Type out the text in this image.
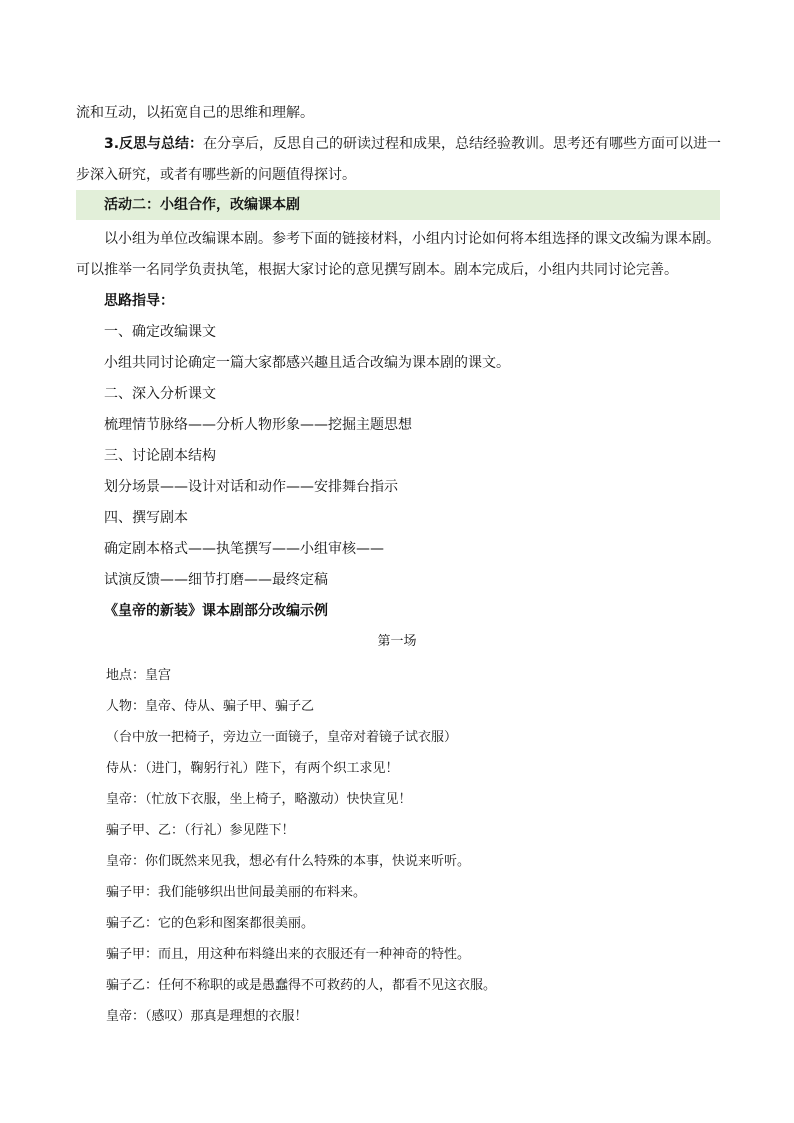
流和互动，以拓宽自己的思维和理解。
3.反思与总结：在分享后，反思自己的研读过程和成果，总结经验教训。思考还有哪些方面可以进一步深入研究，或者有哪些新的问题值得探讨。
活动二：小组合作，改编课本剧
以小组为单位改编课本剧。参考下面的链接材料，小组内讨论如何将本组选择的课文改编为课本剧。可以推举一名同学负责执笔，根据大家讨论的意见撰写剧本。剧本完成后，小组内共同讨论完善。
思路指导：
一、确定改编课文
小组共同讨论确定一篇大家都感兴趣且适合改编为课本剧的课文。
二、深入分析课文
梳理情节脉络——分析人物形象——挖掘主题思想
三、讨论剧本结构
划分场景——设计对话和动作——安排舞台指示
四、撰写剧本
确定剧本格式——执笔撰写——小组审核——
试演反馈——细节打磨——最终定稿
《皇帝的新装》课本剧部分改编示例
第一场
地点：皇宫
人物：皇帝、侍从、骗子甲、骗子乙
（台中放一把椅子，旁边立一面镜子，皇帝对着镜子试衣服）
侍从：（进门，鞠躬行礼）陛下，有两个织工求见！
皇帝：（忙放下衣服，坐上椅子，略激动）快快宣见！
骗子甲、乙：（行礼）参见陛下！
皇帝：你们既然来见我，想必有什么特殊的本事，快说来听听。
骗子甲：我们能够织出世间最美丽的布料来。
骗子乙：它的色彩和图案都很美丽。
骗子甲：而且，用这种布料缝出来的衣服还有一种神奇的特性。
骗子乙：任何不称职的或是愚蠢得不可救药的人，都看不见这衣服。
皇帝：（感叹）那真是理想的衣服！
